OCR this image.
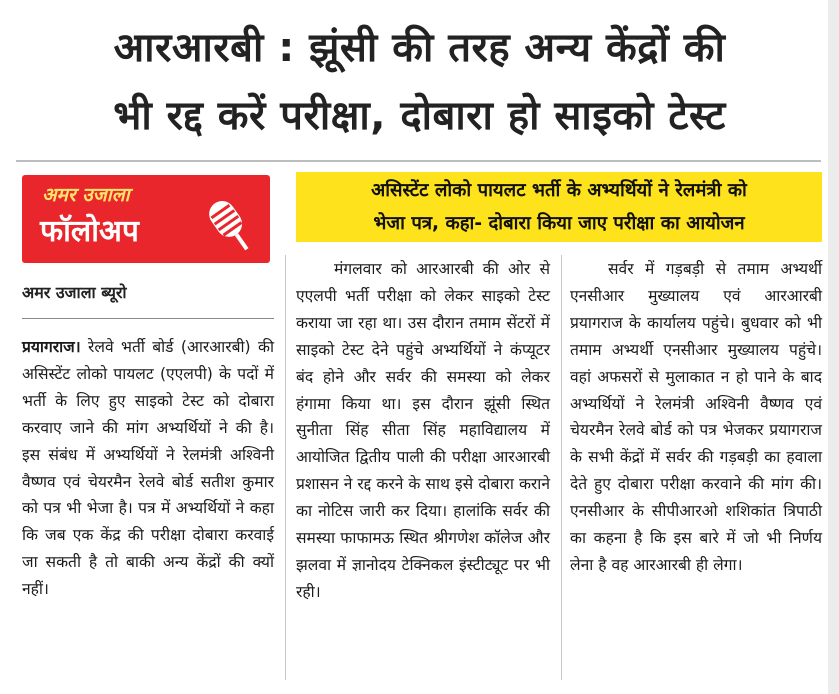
आरआरबी : झूंसी की तरह अन्य केंद्रों की
भी रद्द करें परीक्षा, दोबारा हो साइको टेस्ट
अमर उजाला
फॉलोअप
असिस्टेंट लोको पायलट भर्ती के अभ्यर्थियों ने रेलमंत्री को
भेजा पत्र, कहा- दोबारा किया जाए परीक्षा का आयोजन
अमर उजाला ब्यूरो
प्रयागराज। रेलवे भर्ती बोर्ड (आरआरबी) की असिस्टेंट लोको पायलट (एएलपी) के पदों में भर्ती के लिए हुए साइको टेस्ट को दोबारा करवाए जाने की मांग अभ्यर्थियों ने की है। इस संबंध में अभ्यर्थियों ने रेलमंत्री अश्विनी वैष्णव एवं चेयरमैन रेलवे बोर्ड सतीश कुमार को पत्र भी भेजा है। पत्र में अभ्यर्थियों ने कहा कि जब एक केंद्र की परीक्षा दोबारा करवाई जा सकती है तो बाकी अन्य केंद्रों की क्यों नहीं।
मंगलवार को आरआरबी की ओर से एएलपी भर्ती परीक्षा को लेकर साइको टेस्ट कराया जा रहा था। उस दौरान तमाम सेंटरों में साइको टेस्ट देने पहुंचे अभ्यर्थियों ने कंप्यूटर बंद होने और सर्वर की समस्या को लेकर हंगामा किया था। इस दौरान झूंसी स्थित सुनीता सिंह सीता सिंह महाविद्यालय में आयोजित द्वितीय पाली की परीक्षा आरआरबी प्रशासन ने रद्द करने के साथ इसे दोबारा कराने का नोटिस जारी कर दिया। हालांकि सर्वर की समस्या फाफामऊ स्थित श्रीगणेश कॉलेज और झलवा में ज्ञानोदय टेक्निकल इंस्टीट्यूट पर भी रही।
सर्वर में गड़बड़ी से तमाम अभ्यर्थी एनसीआर मुख्यालय एवं आरआरबी प्रयागराज के कार्यालय पहुंचे। बुधवार को भी तमाम अभ्यर्थी एनसीआर मुख्यालय पहुंचे। वहां अफसरों से मुलाकात न हो पाने के बाद अभ्यर्थियों ने रेलमंत्री अश्विनी वैष्णव एवं चेयरमैन रेलवे बोर्ड को पत्र भेजकर प्रयागराज के सभी केंद्रों में सर्वर की गड़बड़ी का हवाला देते हुए दोबारा परीक्षा करवाने की मांग की। एनसीआर के सीपीआरओ शशिकांत त्रिपाठी का कहना है कि इस बारे में जो भी निर्णय लेना है वह आरआरबी ही लेगा।
